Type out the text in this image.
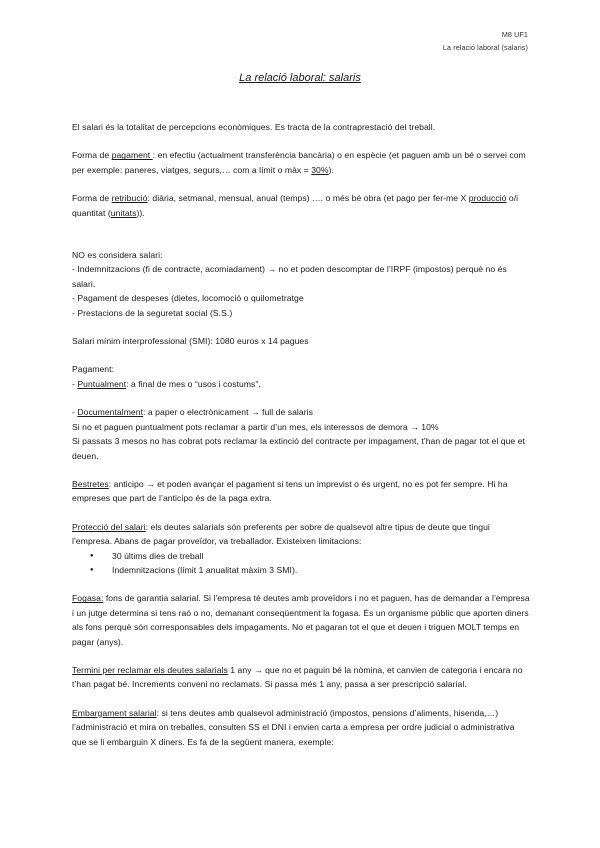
M8 UF1
La relació laboral (salaris)
La relació laboral: salaris

El salari és la totalitat de percepcions econòmiques. Es tracta de la contraprestació del treball.

Forma de pagament : en efectiu (actualment transferència bancària) o en espècie (et paguen amb un bé o servei com per exemple: paneres, viatges, segurs,… com a límit o màx = 30%).

Forma de retribució: diària, setmanal, mensual, anual (temps) …. o més bé obra (et pago per fer-me X producció o/i quantitat (unitats)).

NO es considera salari:

- Indemnitzacions (fi de contracte, acomiadament) → no et poden descomptar de l’IRPF (impostos) perquè no és salari.

- Pagament de despeses (dietes, locomoció o quilometratge

- Prestacions de la seguretat social (S.S.)

Salari mínim interprofessional (SMI): 1080 euros x 14 pagues

Pagament:

- Puntualment: a final de mes o “usos i costums”.

- Documentalment: a paper o electrònicament → full de salaris

Si no et paguen puntualment pots reclamar a partir d’un mes, els interessos de demora → 10%

Si passats 3 mesos no has cobrat pots reclamar la extinció del contracte per impagament, t’han de pagar tot el que et deuen.

Bestretes: anticipo → et poden avançar el pagament si tens un imprevist o és urgent, no es pot fer sempre. Hi ha empreses que part de l’anticipo és de la paga extra.

Protecció del salari: els deutes salarials són preferents per sobre de qualsevol altre tipus de deute que tingui l’empresa. Abans de pagar proveïdor, va treballador. Existeixen limitacions:

● 30 últims dies de treball
● Indemnitzacions (límit 1 anualitat màxim 3 SMI).

Fogasa: fons de garantia salarial. Si l’empresa té deutes amb proveïdors i no et paguen, has de demandar a l’empresa i un jutge determina si tens raó o no, demanant conseqüentment la fogasa. És un organisme públic que aporten diners als fons perquè són corresponsables dels impagaments. No et pagaran tot el que et deuen i triguen MOLT temps en pagar (anys).

Termini per reclamar els deutes salarials 1 any → que no et paguin bé la nòmina, et canvien de categoria i encara no t’han pagat bé. Increments conveni no reclamats. Si passa més 1 any, passa a ser prescripció salarial.

Embargament salarial: si tens deutes amb qualsevol administració (impostos, pensions d’aliments, hisenda,…) l’administració et mira on treballes, consulten SS el DNI i envien carta a empresa per ordre judicial o administrativa que se li embarguin X diners. Es fa de la següent manera, exemple:
